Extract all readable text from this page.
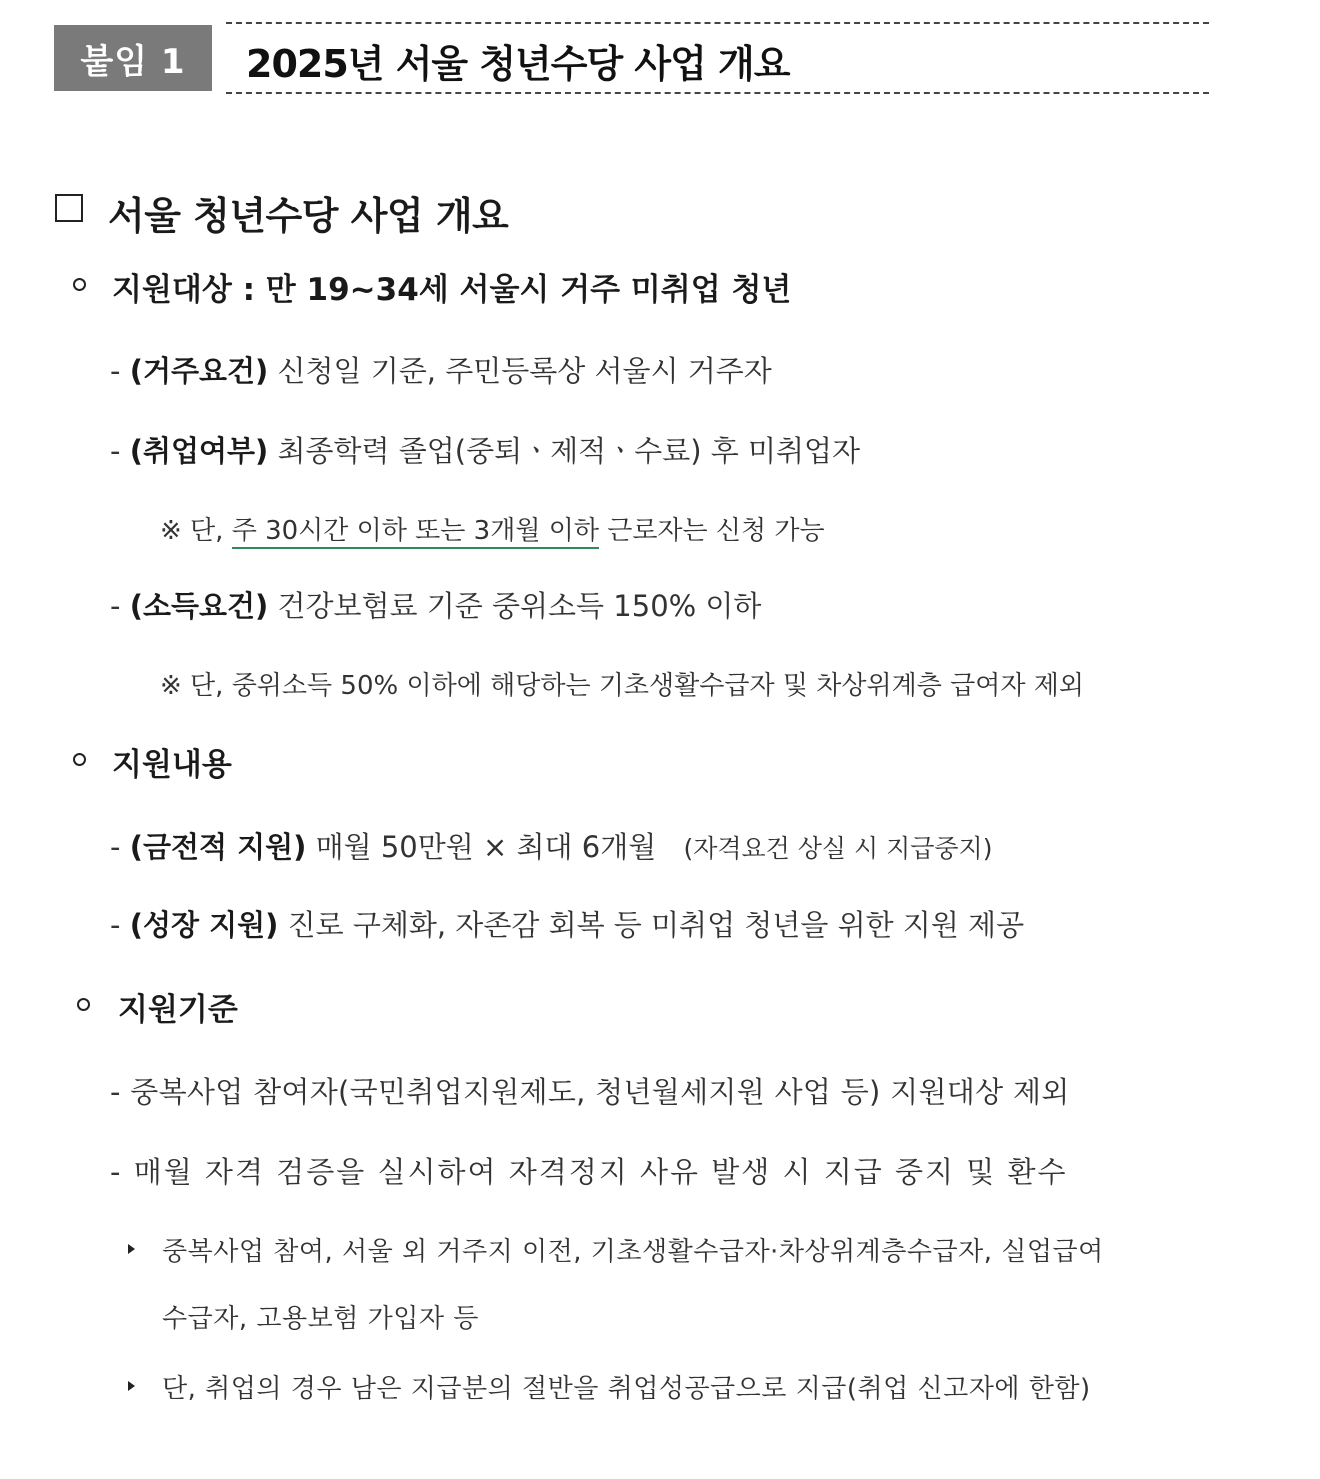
붙임 1	2025년 서울 청년수당 사업 개요
서울 청년수당 사업 개요
지원대상 : 만 19~34세 서울시 거주 미취업 청년
- (거주요건) 신청일 기준, 주민등록상 서울시 거주자
- (취업여부) 최종학력 졸업(중퇴ㆍ제적ㆍ수료) 후 미취업자
※ 단, 주 30시간 이하 또는 3개월 이하 근로자는 신청 가능
- (소득요건) 건강보험료 기준 중위소득 150% 이하
※ 단, 중위소득 50% 이하에 해당하는 기초생활수급자 및 차상위계층 급여자 제외
지원내용
- (금전적 지원) 매월 50만원 × 최대 6개월 (자격요건 상실 시 지급중지)
- (성장 지원) 진로 구체화, 자존감 회복 등 미취업 청년을 위한 지원 제공
지원기준
- 중복사업 참여자(국민취업지원제도, 청년월세지원 사업 등) 지원대상 제외
- 매월 자격 검증을 실시하여 자격정지 사유 발생 시 지급 중지 및 환수
중복사업 참여, 서울 외 거주지 이전, 기초생활수급자·차상위계층수급자, 실업급여
수급자, 고용보험 가입자 등
단, 취업의 경우 남은 지급분의 절반을 취업성공급으로 지급(취업 신고자에 한함)
